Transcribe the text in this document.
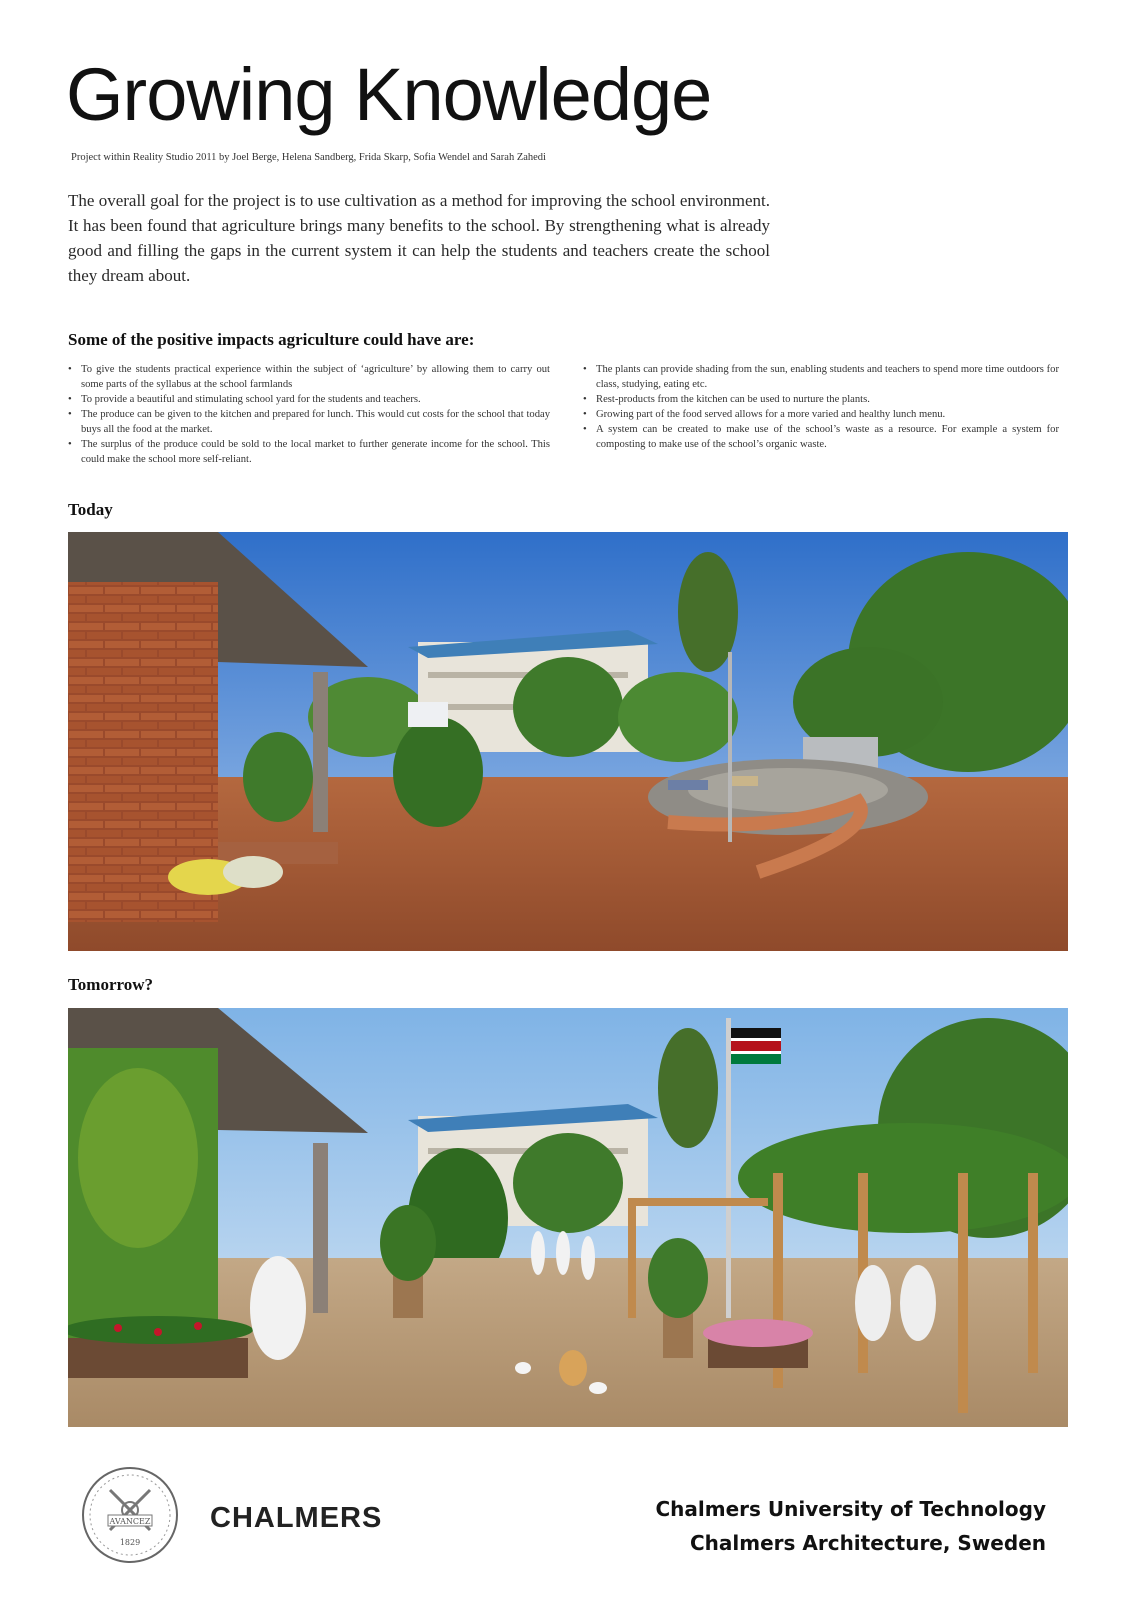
Growing Knowledge
Project within Reality Studio 2011 by Joel Berge, Helena Sandberg, Frida Skarp, Sofia Wendel and Sarah Zahedi

The overall goal for the project is to use cultivation as a method for improving the school environment. It has been found that agriculture brings many benefits to the school. By strengthening what is already good and filling the gaps in the current system it can help the students and teachers create the school they dream about.

Some of the positive impacts agriculture could have are:
• To give the students practical experience within the subject of ‘agriculture’ by allowing them to carry out some parts of the syllabus at the school farmlands
• To provide a beautiful and stimulating school yard for the students and teachers.
• The produce can be given to the kitchen and prepared for lunch. This would cut costs for the school that today buys all the food at the market.
• The surplus of the produce could be sold to the local market to further generate income for the school. This could make the school more self-reliant.
• The plants can provide shading from the sun, enabling students and teachers to spend more time outdoors for class, studying, eating etc.
• Rest-products from the kitchen can be used to nurture the plants.
• Growing part of the food served allows for a more varied and healthy lunch menu.
• A system can be created to make use of the school’s waste as a resource. For example a system for composting to make use of the school’s organic waste.
Today
Tomorrow?
AVANCEZ
1829
CHALMERS	Chalmers University of Technology
Chalmers Architecture, Sweden
